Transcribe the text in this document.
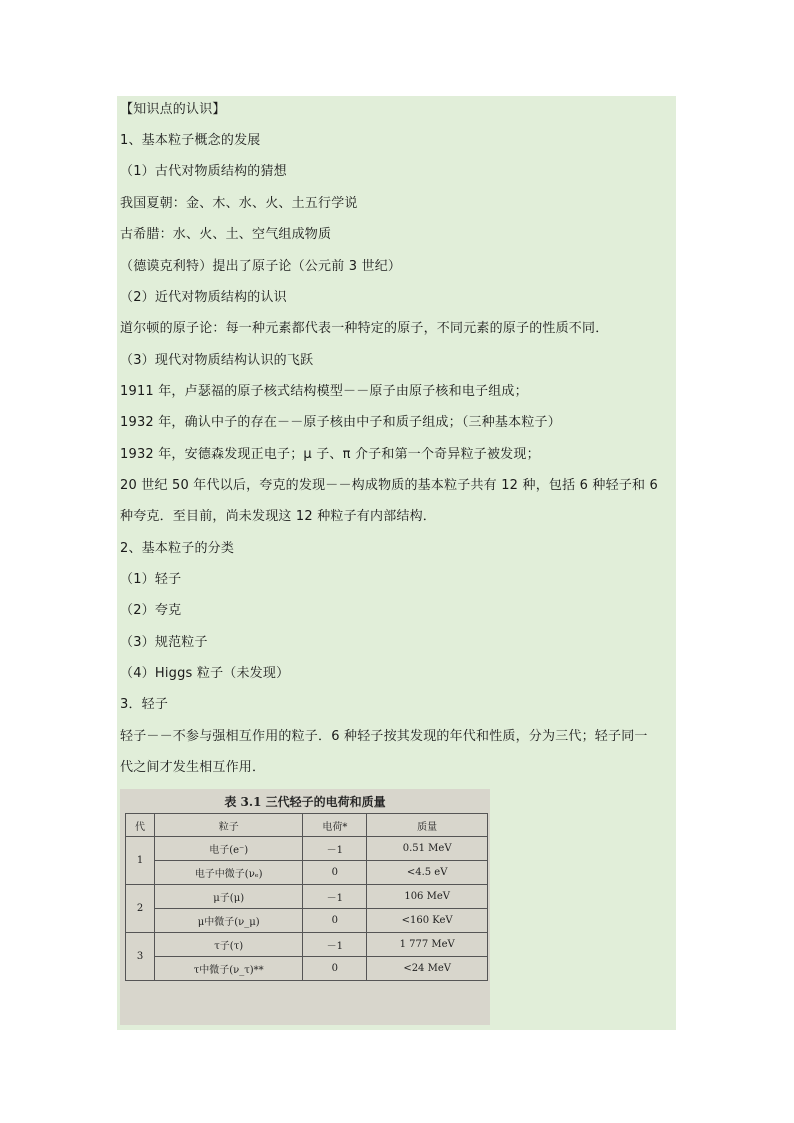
【知识点的认识】
1、基本粒子概念的发展
（1）古代对物质结构的猜想
我国夏朝：金、木、水、火、土五行学说
古希腊：水、火、土、空气组成物质
（德谟克利特）提出了原子论（公元前 3 世纪）
（2）近代对物质结构的认识
道尔顿的原子论：每一种元素都代表一种特定的原子，不同元素的原子的性质不同．
（3）现代对物质结构认识的飞跃
1911 年，卢瑟福的原子核式结构模型－－原子由原子核和电子组成；
1932 年，确认中子的存在－－原子核由中子和质子组成；（三种基本粒子）
1932 年，安德森发现正电子；μ 子、π 介子和第一个奇异粒子被发现；
20 世纪 50 年代以后，夸克的发现－－构成物质的基本粒子共有 12 种，包括 6 种轻子和 6
种夸克．至目前，尚未发现这 12 种粒子有内部结构．
2、基本粒子的分类
（1）轻子
（2）夸克
（3）规范粒子
（4）Higgs 粒子（未发现）
3．轻子
轻子－－不参与强相互作用的粒子．6 种轻子按其发现的年代和性质，分为三代；轻子同一
代之间才发生相互作用．
表 3.1 三代轻子的电荷和质量
代	粒子	电荷*	质量
1	电子(e⁻)	－1	0.51 MeV
	电子中微子(νₑ)	0	<4.5 eV
2	μ子(μ)	－1	106 MeV
	μ中微子(ν_μ)	0	<160 KeV
3	τ子(τ)	－1	1 777 MeV
	τ中微子(ν_τ)**	0	<24 MeV
